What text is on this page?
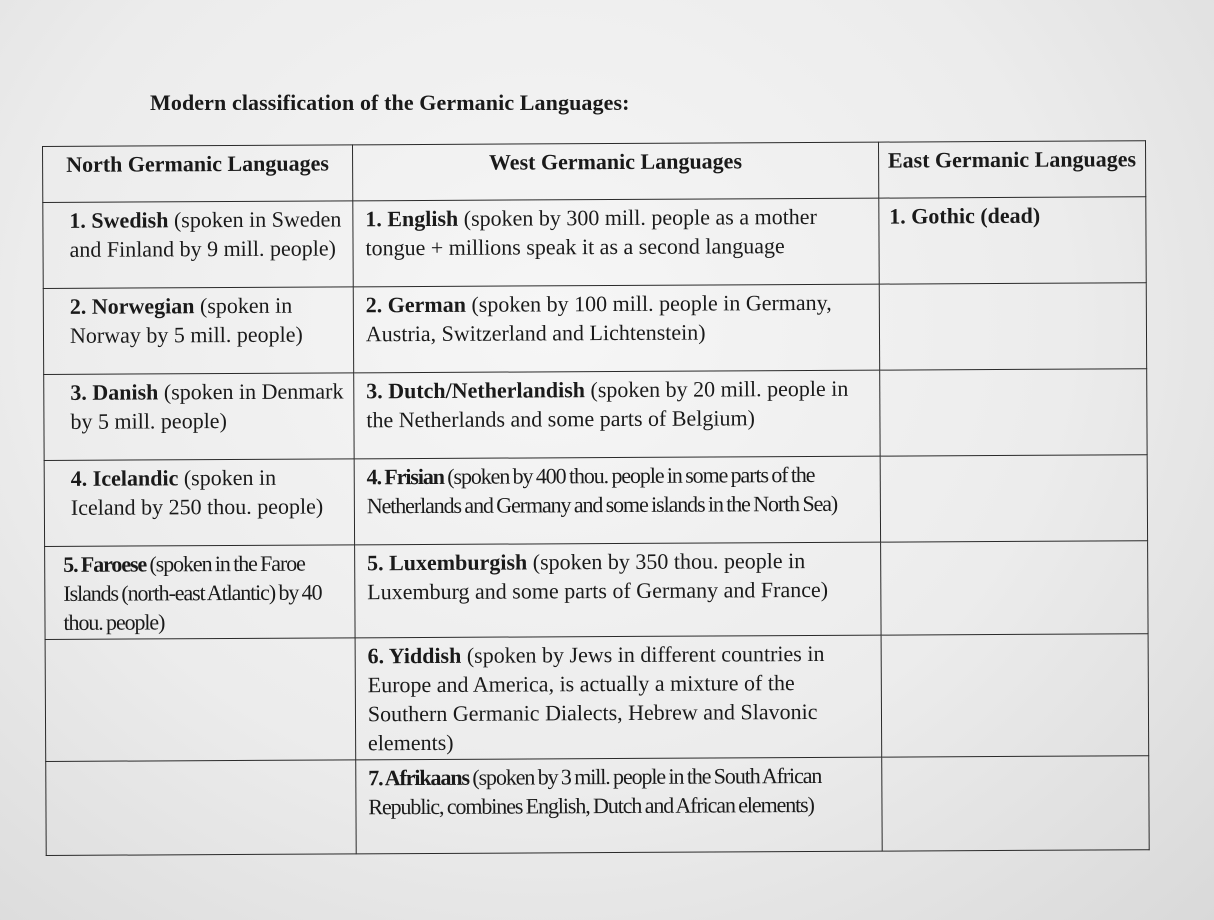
Modern classification of the Germanic Languages:
North Germanic Languages	West Germanic Languages	East Germanic Languages
1. Swedish (spoken in Sweden and Finland by 9 mill. people)	1. English (spoken by 300 mill. people as a mother tongue + millions speak it as a second language	1. Gothic (dead)
2. Norwegian (spoken in Norway by 5 mill. people)	2. German (spoken by 100 mill. people in Germany, Austria, Switzerland and Lichtenstein)	
3. Danish (spoken in Denmark by 5 mill. people)	3. Dutch/Netherlandish (spoken by 20 mill. people in the Netherlands and some parts of Belgium)	
4. Icelandic (spoken in Iceland by 250 thou. people)	4. Frisian (spoken by 400 thou. people in some parts of the Netherlands and Germany and some islands in the North Sea)	
5. Faroese (spoken in the Faroe Islands (north-east Atlantic) by 40 thou. people)	5. Luxemburgish (spoken by 350 thou. people in Luxemburg and some parts of Germany and France)	
	6. Yiddish (spoken by Jews in different countries in Europe and America, is actually a mixture of the Southern Germanic Dialects, Hebrew and Slavonic elements)	
	7. Afrikaans (spoken by 3 mill. people in the South African Republic, combines English, Dutch and African elements)	
